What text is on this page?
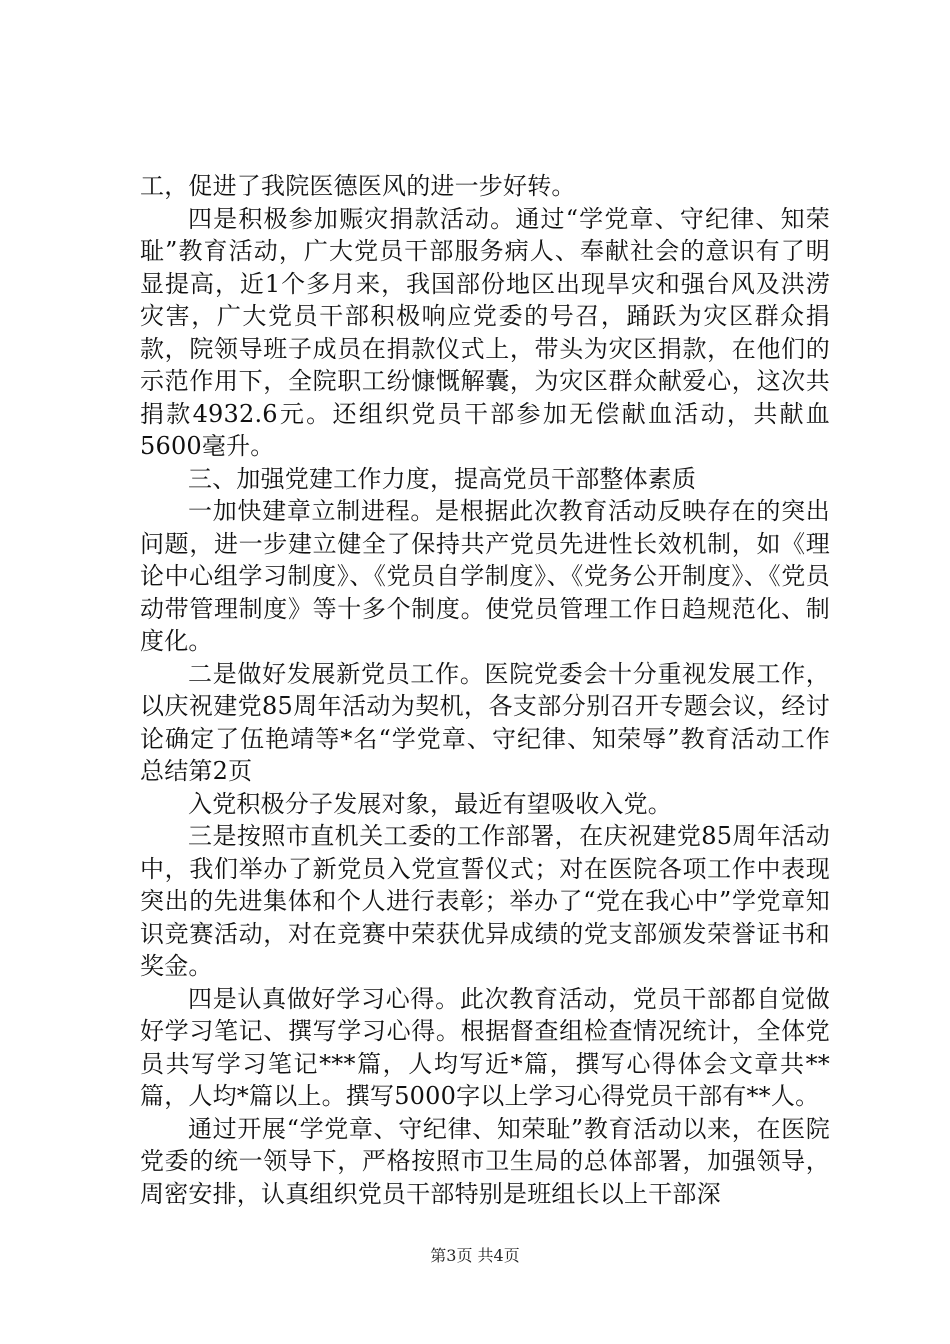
工，促进了我院医德医风的进一步好转。

四是积极参加赈灾捐款活动。通过“学党章、守纪律、知荣耻”教育活动，广大党员干部服务病人、奉献社会的意识有了明显提高，近1个多月来，我国部份地区出现旱灾和强台风及洪涝灾害，广大党员干部积极响应党委的号召，踊跃为灾区群众捐款，院领导班子成员在捐款仪式上，带头为灾区捐款，在他们的示范作用下，全院职工纷慷慨解囊，为灾区群众献爱心，这次共捐款4932.6元。还组织党员干部参加无偿献血活动，共献血5600毫升。

三、加强党建工作力度，提高党员干部整体素质

一加快建章立制进程。是根据此次教育活动反映存在的突出问题，进一步建立健全了保持共产党员先进性长效机制，如《理论中心组学习制度》、《党员自学制度》、《党务公开制度》、《党员动带管理制度》等十多个制度。使党员管理工作日趋规范化、制度化。

二是做好发展新党员工作。医院党委会十分重视发展工作，以庆祝建党85周年活动为契机，各支部分别召开专题会议，经讨论确定了伍艳靖等*名“学党章、守纪律、知荣辱”教育活动工作总结第2页

入党积极分子发展对象，最近有望吸收入党。

三是按照市直机关工委的工作部署，在庆祝建党85周年活动中，我们举办了新党员入党宣誓仪式；对在医院各项工作中表现突出的先进集体和个人进行表彰；举办了“党在我心中”学党章知识竞赛活动，对在竞赛中荣获优异成绩的党支部颁发荣誉证书和奖金。

四是认真做好学习心得。此次教育活动，党员干部都自觉做好学习笔记、撰写学习心得。根据督查组检查情况统计，全体党员共写学习笔记***篇，人均写近*篇，撰写心得体会文章共**篇，人均*篇以上。撰写5000字以上学习心得党员干部有**人。

通过开展“学党章、守纪律、知荣耻”教育活动以来，在医院党委的统一领导下，严格按照市卫生局的总体部署，加强领导，周密安排，认真组织党员干部特别是班组长以上干部深

第3页 共4页
